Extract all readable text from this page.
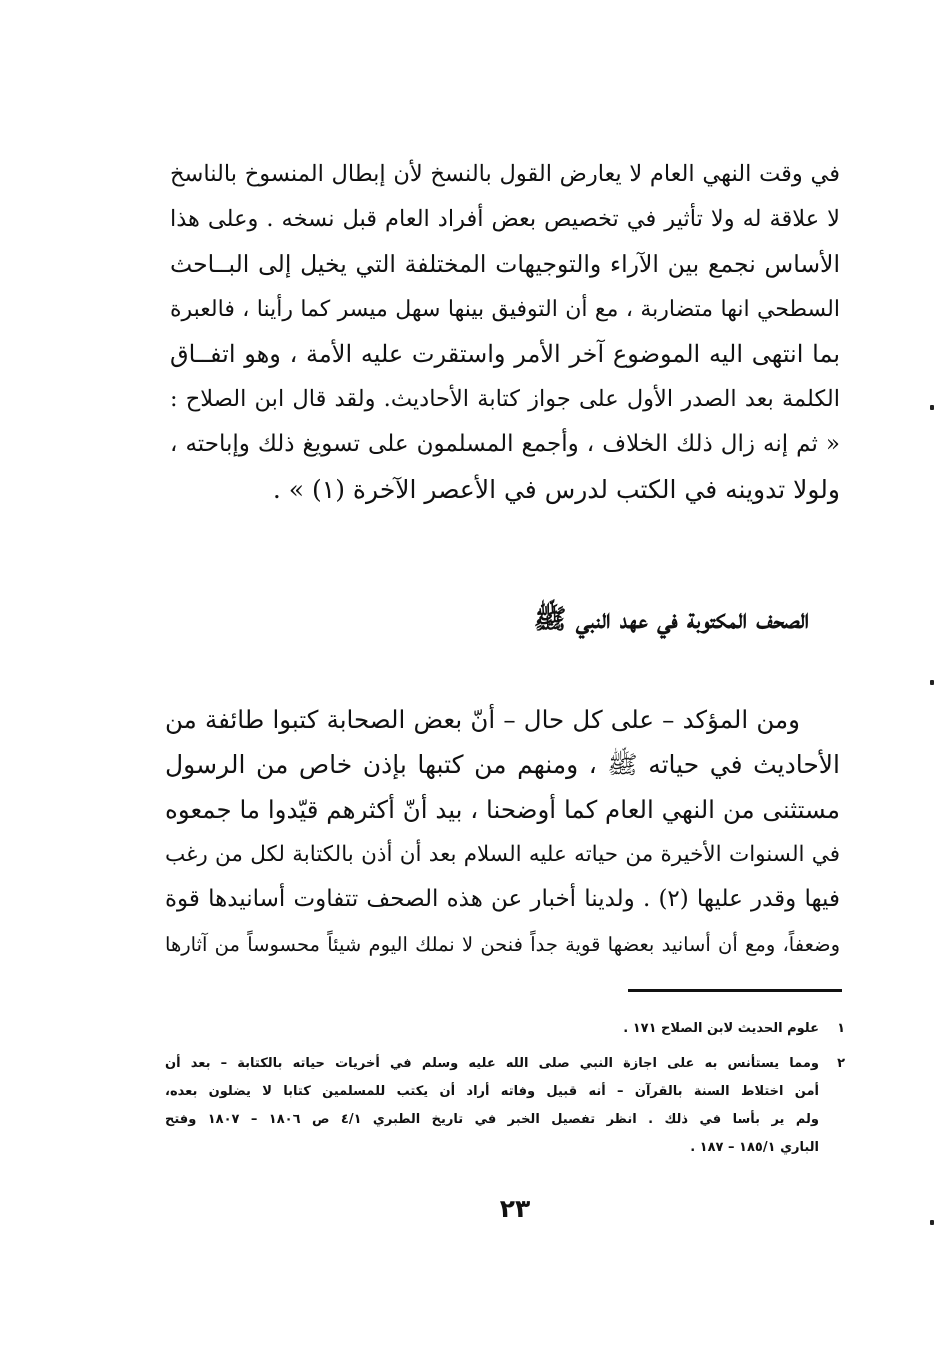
في وقت النهي العام لا يعارض القول بالنسخ لأن إبطال المنسوخ بالناسخ
لا علاقة له ولا تأثير في تخصيص بعض أفراد العام قبل نسخه . وعلى هذا
الأساس نجمع بين الآراء والتوجيهات المختلفة التي يخيل إلى البــاحث
السطحي انها متضاربة ، مع أن التوفيق بينها سهل ميسر كما رأينا ، فالعبرة
بما انتهى اليه الموضوع آخر الأمر واستقرت عليه الأمة ، وهو اتفــاق
الكلمة بعد الصدر الأول على جواز كتابة الأحاديث. ولقد قال ابن الصلاح :
« ثم إنه زال ذلك الخلاف ، وأجمع المسلمون على تسويغ ذلك وإباحته ،
ولولا تدوينه في الكتب لدرس في الأعصر الآخرة (١) » .
الصحف المكتوبة في عهد النبي ﷺ
ومن المؤكد – على كل حال – أنّ بعض الصحابة كتبوا طائفة من
الأحاديث في حياته ﷺ ، ومنهم من كتبها بإذن خاص من الرسول
مستثنى من النهي العام كما أوضحنا ، بيد أنّ أكثرهم قيّدوا ما جمعوه
في السنوات الأخيرة من حياته عليه السلام بعد أن أذن بالكتابة لكل من رغب
فيها وقدر عليها (٢) . ولدينا أخبار عن هذه الصحف تتفاوت أسانيدها قوة
وضعفاً، ومع أن أسانيد بعضها قوية جداً فنحن لا نملك اليوم شيئاً محسوساً من آثارها
١
علوم الحديث لابن الصلاح ١٧١ .
٢
ومما يستأنس به على اجازة النبي صلى الله عليه وسلم في أخريات حياته بالكتابة – بعد أن
أمن اختلاط السنة بالقرآن – أنه قبيل وفاته أراد أن يكتب للمسلمين كتابا لا يضلون بعده،
ولم ير بأسا في ذلك . انظر تفصيل الخبر في تاريخ الطبري ٤/١ ص ١٨٠٦ – ١٨٠٧ وفتح
الباري ١٨٥/١ – ١٨٧ .
٢٣
